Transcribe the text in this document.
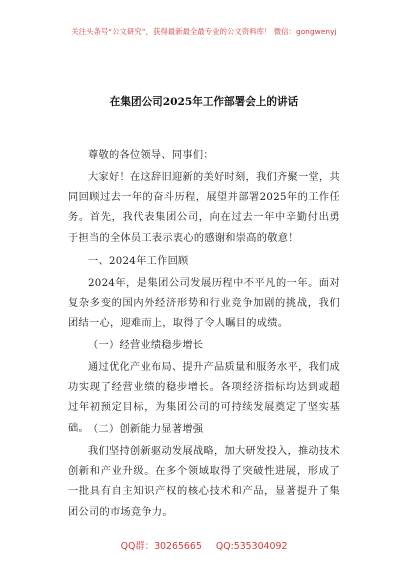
关注头条号“公文研究”，获得最新最全最专业的公文资料库！ 微信：gongwenyj
在集团公司2025年工作部署会上的讲话
尊敬的各位领导、同事们：
大家好！在这辞旧迎新的美好时刻，我们齐聚一堂，共同回顾过去一年的奋斗历程，展望并部署2025年的工作任务。首先，我代表集团公司，向在过去一年中辛勤付出勇于担当的全体员工表示衷心的感谢和崇高的敬意！
一、2024年工作回顾
2024年，是集团公司发展历程中不平凡的一年。面对复杂多变的国内外经济形势和行业竞争加剧的挑战，我们团结一心，迎难而上，取得了令人瞩目的成绩。
（一）经营业绩稳步增长
通过优化产业布局、提升产品质量和服务水平，我们成功实现了经营业绩的稳步增长。各项经济指标均达到或超过年初预定目标，为集团公司的可持续发展奠定了坚实基础。 （二）创新能力显著增强
我们坚持创新驱动发展战略，加大研发投入，推动技术创新和产业升级。在多个领域取得了突破性进展，形成了一批具有自主知识产权的核心技术和产品，显著提升了集团公司的市场竞争力。
QQ群：30265665 QQ:535304092
